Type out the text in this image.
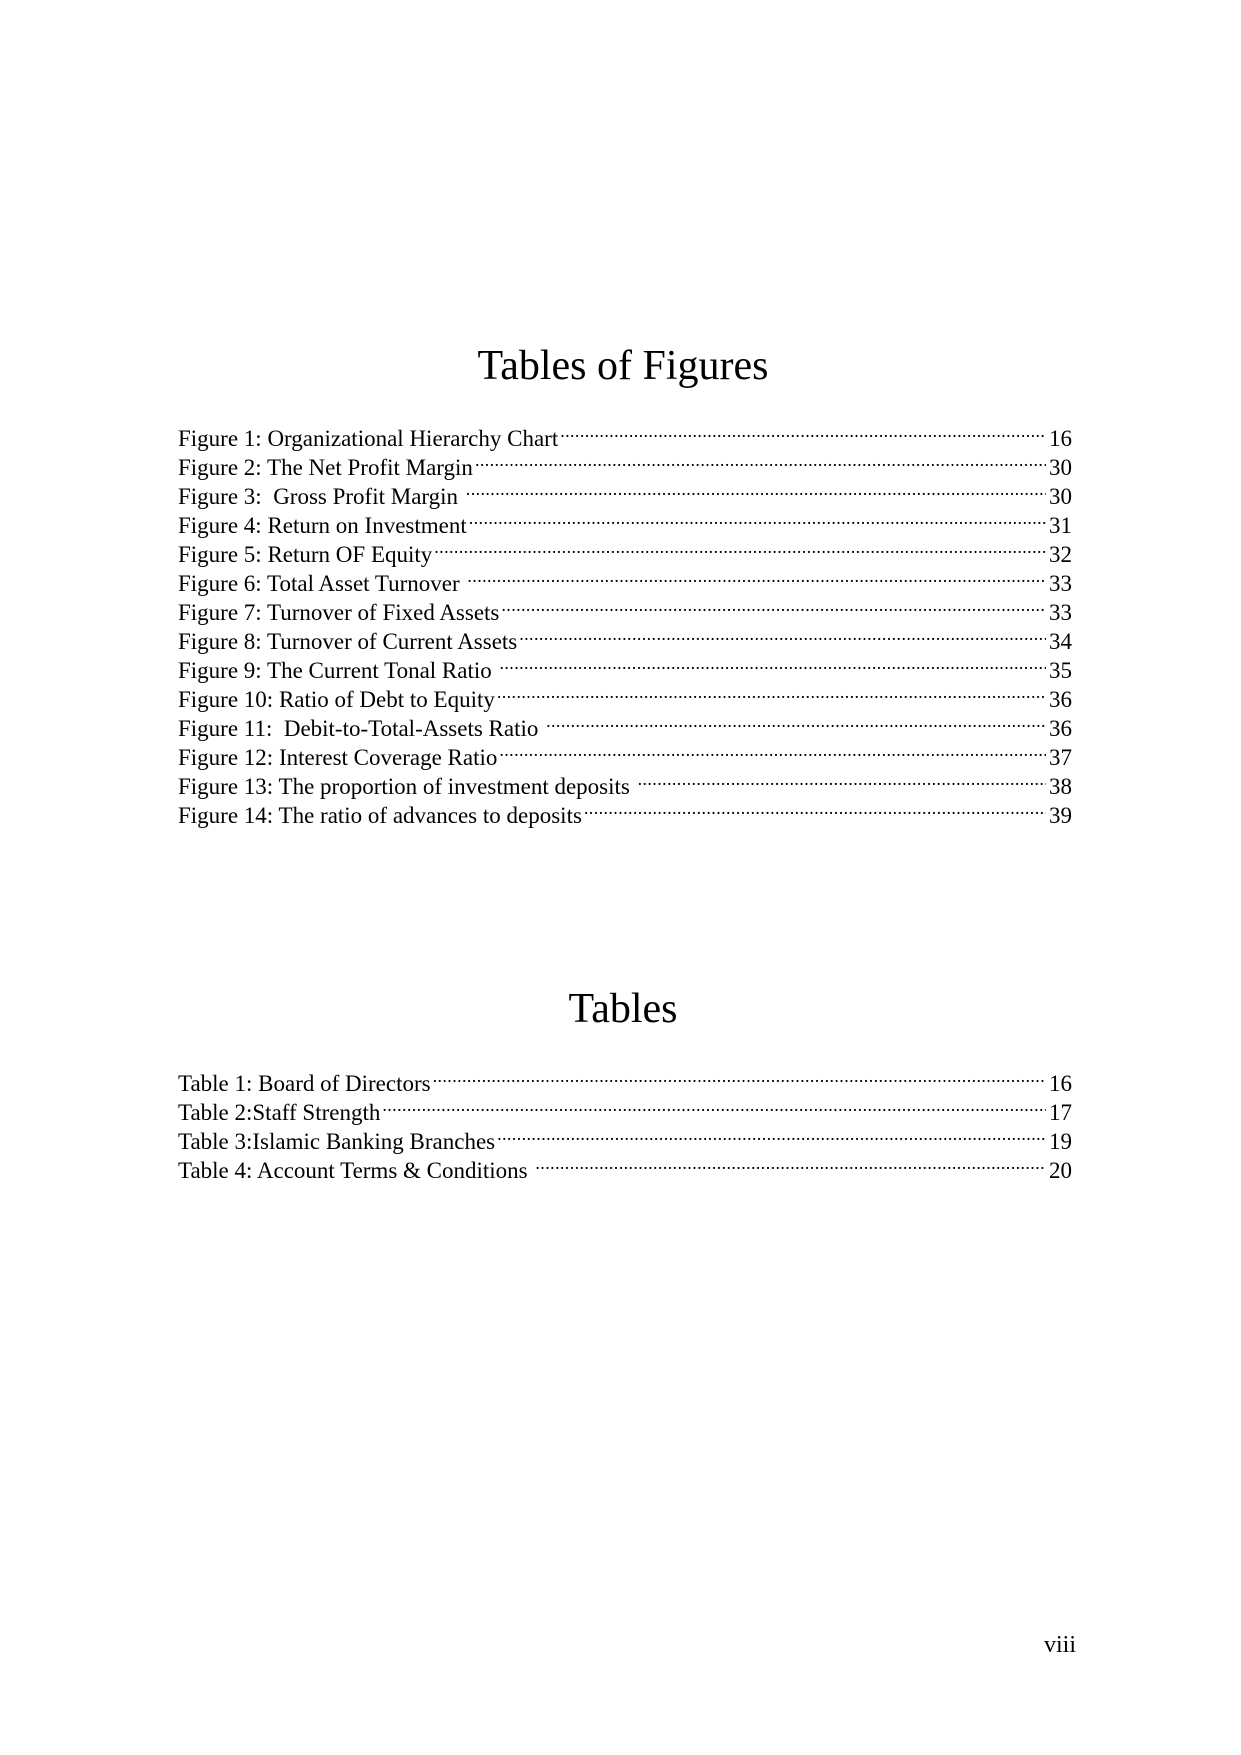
Tables of Figures
Figure 1: Organizational Hierarchy Chart .....	16
Figure 2: The Net Profit Margin .....	30
Figure 3:  Gross Profit Margin .....	30
Figure 4: Return on Investment .....	31
Figure 5: Return OF Equity .....	32
Figure 6: Total Asset Turnover .....	33
Figure 7: Turnover of Fixed Assets .....	33
Figure 8: Turnover of Current Assets .....	34
Figure 9: The Current Tonal Ratio .....	35
Figure 10: Ratio of Debt to Equity .....	36
Figure 11:  Debit-to-Total-Assets Ratio .....	36
Figure 12: Interest Coverage Ratio .....	37
Figure 13: The proportion of investment deposits .....	38
Figure 14: The ratio of advances to deposits .....	39
Tables
Table 1: Board of Directors .....	16
Table 2:Staff Strength .....	17
Table 3:Islamic Banking Branches .....	19
Table 4: Account Terms & Conditions .....	20
viii
